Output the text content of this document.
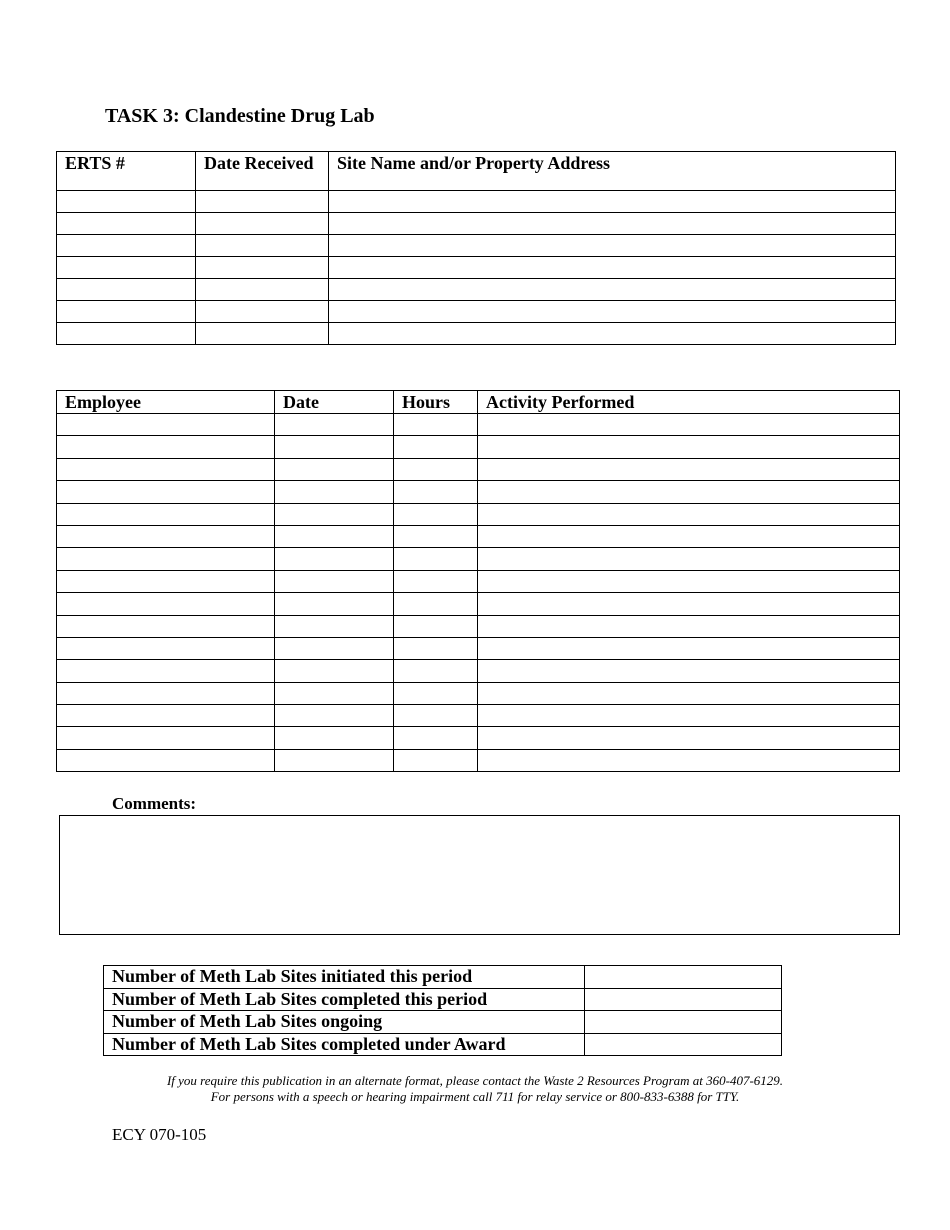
TASK 3: Clandestine Drug Lab
ERTS #	Date Received	Site Name and/or Property Address

Employee	Date	Hours	Activity Performed

Comments:
Number of Meth Lab Sites initiated this period	
Number of Meth Lab Sites completed this period	
Number of Meth Lab Sites ongoing	
Number of Meth Lab Sites completed under Award	
If you require this publication in an alternate format, please contact the Waste 2 Resources Program at 360-407-6129.
For persons with a speech or hearing impairment call 711 for relay service or 800-833-6388 for TTY.
ECY 070-105
